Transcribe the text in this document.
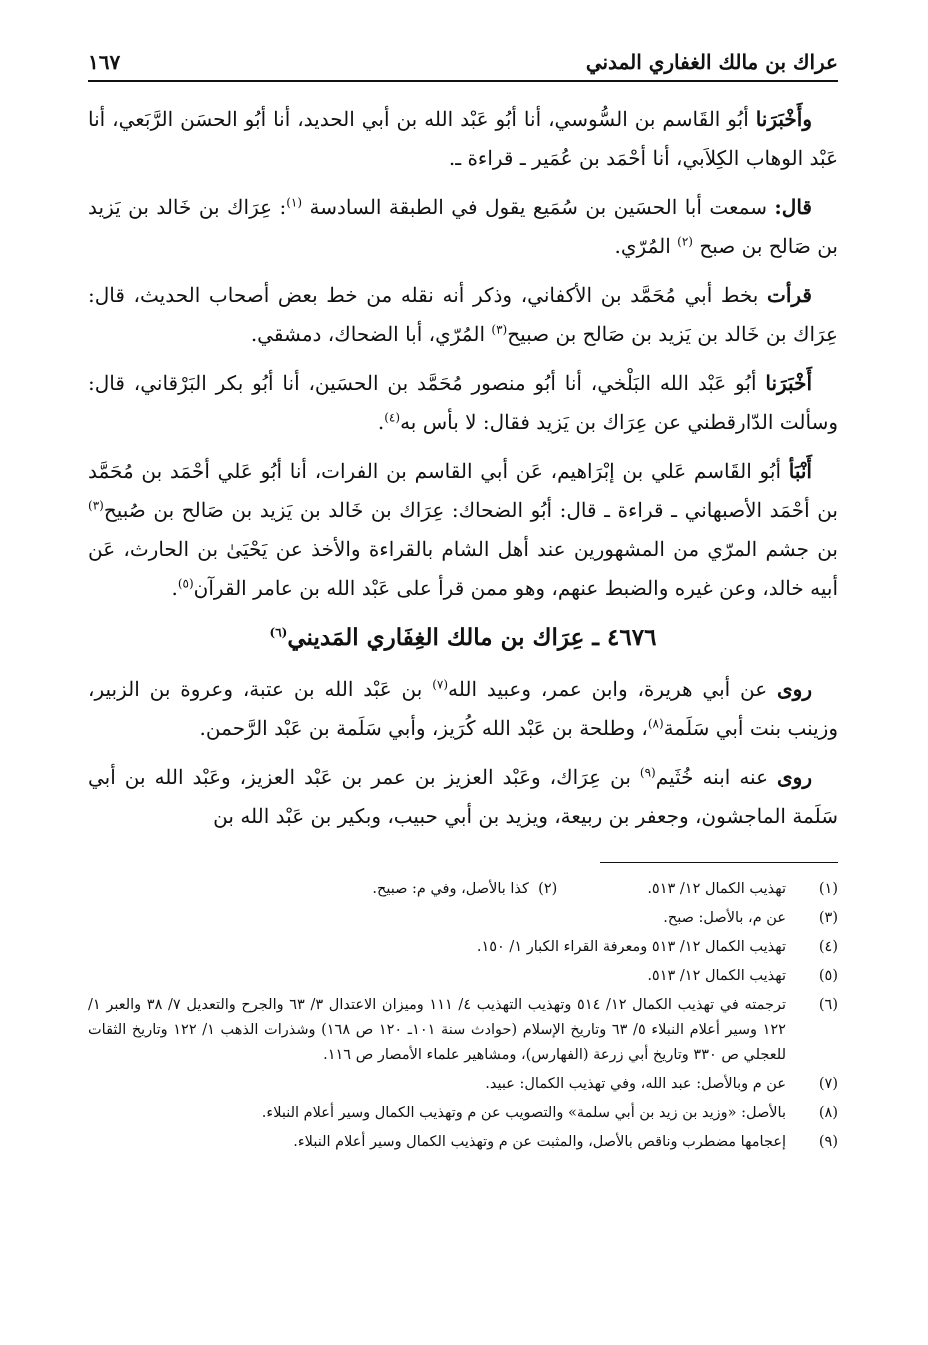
عراك بن مالك الغفاري المدني
١٦٧

وأَخْبَرَنا أبُو القَاسم بن السُّوسي، أنا أبُو عَبْد الله بن أبي الحديد، أنا أبُو الحسَن الرَّبَعي، أنا عَبْد الوهاب الكِلاَبي، أنا أحْمَد بن عُمَير ـ قراءة ـ.

قال: سمعت أبا الحسَين بن سُمَيع يقول في الطبقة السادسة $^{(١)}$: عِرَاك بن خَالد بن يَزيد بن صَالح بن صبح $^{(٢)}$ المُرّي.

قرأت بخط أبي مُحَمَّد بن الأكفاني، وذكر أنه نقله من خط بعض أصحاب الحديث، قال: عِرَاك بن خَالد بن يَزيد بن صَالح بن صبيح$^{(٣)}$ المُرّي، أبا الضحاك، دمشقي.

أَخْبَرَنا أبُو عَبْد الله البَلْخي، أنا أبُو منصور مُحَمَّد بن الحسَين، أنا أبُو بكر البَرْقاني، قال: وسألت الدّارقطني عن عِرَاك بن يَزيد فقال: لا بأس به$^{(٤)}$.

أَنْبَأ أبُو القَاسم عَلي بن إبْرَاهيم، عَن أبي القاسم بن الفرات، أنا أبُو عَلي أحْمَد بن مُحَمَّد بن أحْمَد الأصبهاني ـ قراءة ـ قال: أبُو الضحاك: عِرَاك بن خَالد بن يَزيد بن صَالح بن صُبيح$^{(٣)}$ بن جشم المرّي من المشهورين عند أهل الشام بالقراءة والأخذ عن يَحْيَىٰ بن الحارث، عَن أبيه خالد، وعن غيره والضبط عنهم، وهو ممن قرأ على عَبْد الله بن عامر القرآن$^{(٥)}$.

٤٦٧٦ ـ عِرَاك بن مالك الغِفَاري المَديني$^{(٦)}$

روى عن أبي هريرة، وابن عمر، وعبيد الله$^{(٧)}$ بن عَبْد الله بن عتبة، وعروة بن الزبير، وزينب بنت أبي سَلَمة$^{(٨)}$، وطلحة بن عَبْد الله كُرَيز، وأبي سَلَمة بن عَبْد الرَّحمن.

روى عنه ابنه خُثَيم$^{(٩)}$ بن عِرَاك، وعَبْد العزيز بن عمر بن عَبْد العزيز، وعَبْد الله بن أبي سَلَمة الماجشون، وجعفر بن ربيعة، ويزيد بن أبي حبيب، وبكير بن عَبْد الله بن

(١)
تهذيب الكمال ١٢/ ٥١٣.
(٢)  كذا بالأصل، وفي م: صبيح.
(٣)
عن م، بالأصل: صبح.
(٤)
تهذيب الكمال ١٢/ ٥١٣ ومعرفة القراء الكبار ١/ ١٥٠.
(٥)
تهذيب الكمال ١٢/ ٥١٣.
(٦)
ترجمته في تهذيب الكمال ١٢/ ٥١٤ وتهذيب التهذيب ٤/ ١١١ وميزان الاعتدال ٣/ ٦٣ والجرح والتعديل ٧/ ٣٨ والعبر ١/ ١٢٢ وسير أعلام النبلاء ٥/ ٦٣ وتاريخ الإسلام (حوادث سنة ١٠١ـ ١٢٠ ص ١٦٨) وشذرات الذهب ١/ ١٢٢ وتاريخ الثقات للعجلي ص ٣٣٠ وتاريخ أبي زرعة (الفهارس)، ومشاهير علماء الأمصار ص ١١٦.
(٧)
عن م وبالأصل: عبد الله، وفي تهذيب الكمال: عبيد.
(٨)
بالأصل: «وزيد بن زيد بن أبي سلمة» والتصويب عن م وتهذيب الكمال وسير أعلام النبلاء.
(٩)
إعجامها مضطرب وناقص بالأصل، والمثبت عن م وتهذيب الكمال وسير أعلام النبلاء.
